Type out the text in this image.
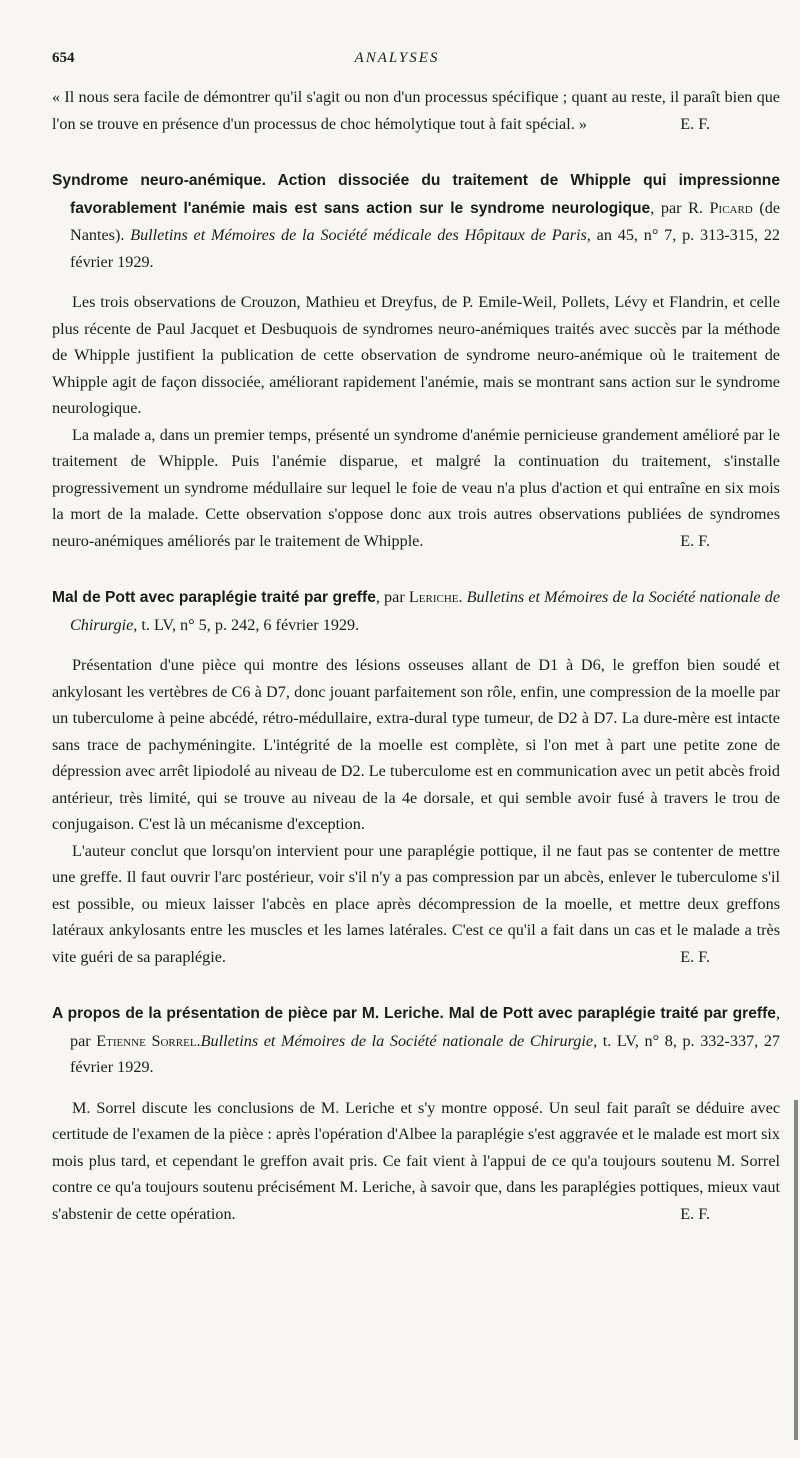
654	ANALYSES

« Il nous sera facile de démontrer qu'il s'agit ou non d'un processus spécifique ; quant au reste, il paraît bien que l'on se trouve en présence d'un processus de choc hémolytique tout à fait spécial. »	E. F.

Syndrome neuro-anémique. Action dissociée du traitement de Whipple qui impressionne favorablement l'anémie mais est sans action sur le syndrome neurologique, par R. Picard (de Nantes). Bulletins et Mémoires de la Société médicale des Hôpitaux de Paris, an 45, n° 7, p. 313-315, 22 février 1929.

Les trois observations de Crouzon, Mathieu et Dreyfus, de P. Emile-Weil, Pollets, Lévy et Flandrin, et celle plus récente de Paul Jacquet et Desbuquois de syndromes neuro-anémiques traités avec succès par la méthode de Whipple justifient la publication de cette observation de syndrome neuro-anémique où le traitement de Whipple agit de façon dissociée, améliorant rapidement l'anémie, mais se montrant sans action sur le syndrome neurologique.

La malade a, dans un premier temps, présenté un syndrome d'anémie pernicieuse grandement amélioré par le traitement de Whipple. Puis l'anémie disparue, et malgré la continuation du traitement, s'installe progressivement un syndrome médullaire sur lequel le foie de veau n'a plus d'action et qui entraîne en six mois la mort de la malade. Cette observation s'oppose donc aux trois autres observations publiées de syndromes neuro-anémiques améliorés par le traitement de Whipple.	E. F.

Mal de Pott avec paraplégie traité par greffe, par Leriche. Bulletins et Mémoires de la Société nationale de Chirurgie, t. LV, n° 5, p. 242, 6 février 1929.

Présentation d'une pièce qui montre des lésions osseuses allant de D1 à D6, le greffon bien soudé et ankylosant les vertèbres de C6 à D7, donc jouant parfaitement son rôle, enfin, une compression de la moelle par un tuberculome à peine abcédé, rétro-médullaire, extra-dural type tumeur, de D2 à D7. La dure-mère est intacte sans trace de pachyméningite. L'intégrité de la moelle est complète, si l'on met à part une petite zone de dépression avec arrêt lipiodolé au niveau de D2. Le tuberculome est en communication avec un petit abcès froid antérieur, très limité, qui se trouve au niveau de la 4e dorsale, et qui semble avoir fusé à travers le trou de conjugaison. C'est là un mécanisme d'exception.

L'auteur conclut que lorsqu'on intervient pour une paraplégie pottique, il ne faut pas se contenter de mettre une greffe. Il faut ouvrir l'arc postérieur, voir s'il n'y a pas compression par un abcès, enlever le tuberculome s'il est possible, ou mieux laisser l'abcès en place après décompression de la moelle, et mettre deux greffons latéraux ankylosants entre les muscles et les lames latérales. C'est ce qu'il a fait dans un cas et le malade a très vite guéri de sa paraplégie.	E. F.

A propos de la présentation de pièce par M. Leriche. Mal de Pott avec paraplégie traité par greffe, par Etienne Sorrel.Bulletins et Mémoires de la Société nationale de Chirurgie, t. LV, n° 8, p. 332-337, 27 février 1929.

M. Sorrel discute les conclusions de M. Leriche et s'y montre opposé. Un seul fait paraît se déduire avec certitude de l'examen de la pièce : après l'opération d'Albee la paraplégie s'est aggravée et le malade est mort six mois plus tard, et cependant le greffon avait pris. Ce fait vient à l'appui de ce qu'a toujours soutenu M. Sorrel contre ce qu'a toujours soutenu précisément M. Leriche, à savoir que, dans les paraplégies pottiques, mieux vaut s'abstenir de cette opération.	E. F.
